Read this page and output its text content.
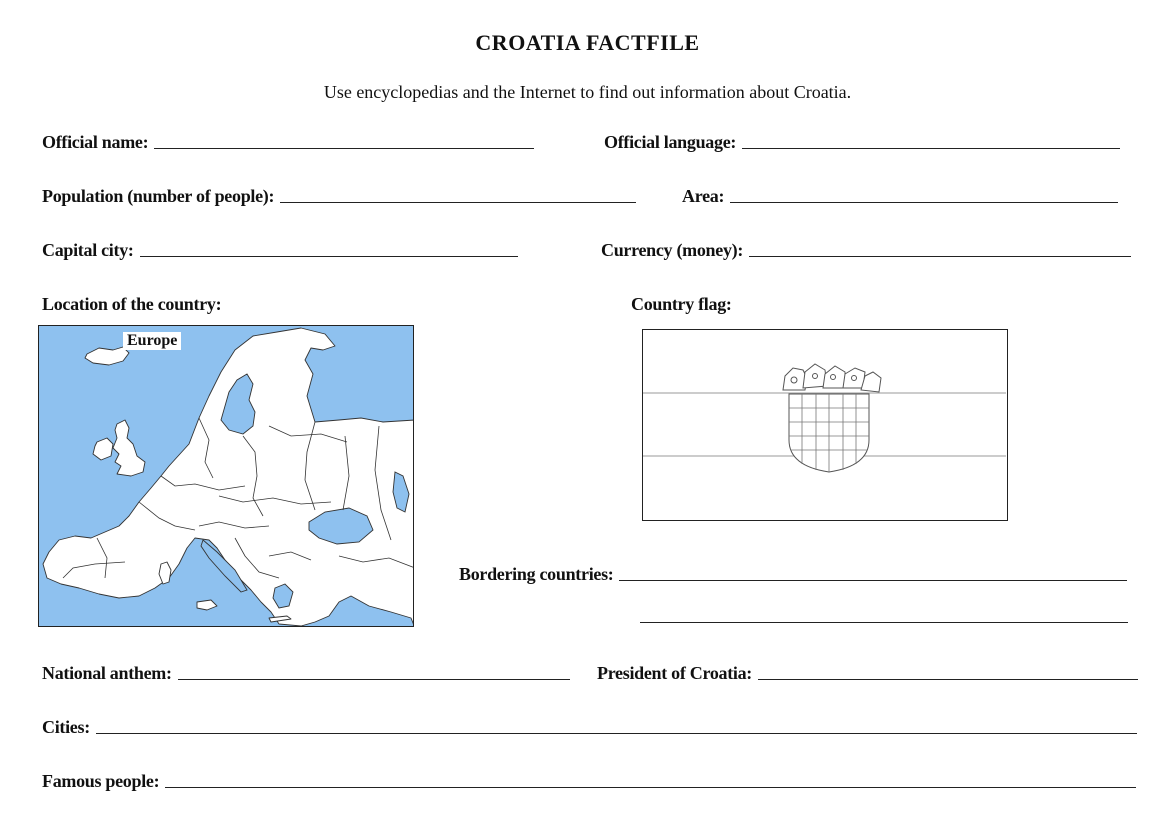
CROATIA FACTFILE
Use encyclopedias and the Internet to find out information about Croatia.
Official name:	Official language:
Population (number of people):	Area:
Capital city:	Currency (money):
Location of the country:	Country flag:
Europe
Bordering countries:
National anthem:	President of Croatia:
Cities:
Famous people:
